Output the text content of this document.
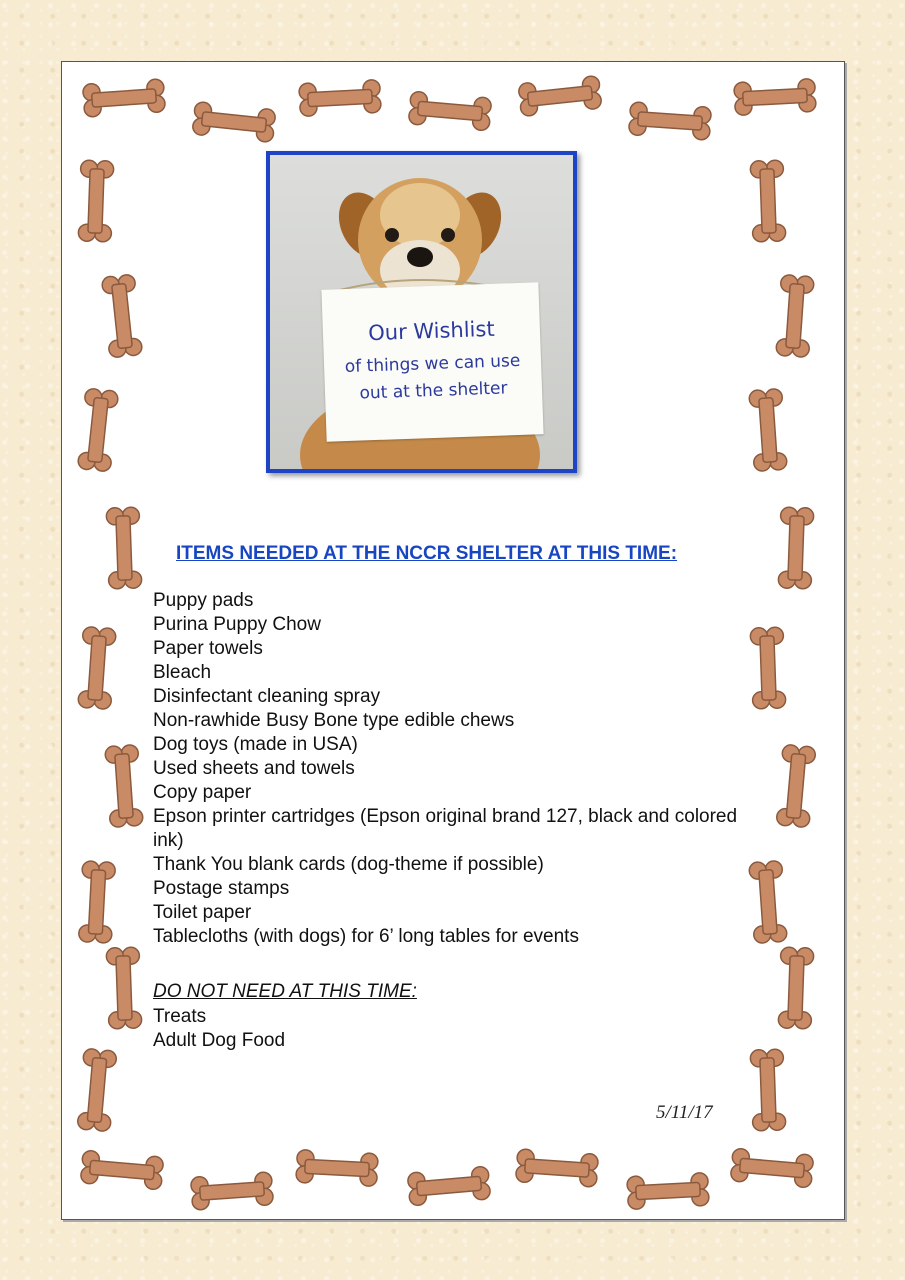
Our Wishlist
of things we can use
out at the shelter
ITEMS NEEDED AT THE NCCR SHELTER AT THIS TIME:
Puppy pads
Purina Puppy Chow
Paper towels
Bleach
Disinfectant cleaning spray
Non-rawhide Busy Bone type edible chews
Dog toys (made in USA)
Used sheets and towels
Copy paper
Epson printer cartridges (Epson original brand 127, black and colored ink)
Thank You blank cards (dog-theme if possible)
Postage stamps
Toilet paper
Tablecloths (with dogs) for 6’ long tables for events

DO NOT NEED AT THIS TIME:

Treats
Adult Dog Food
5/11/17
